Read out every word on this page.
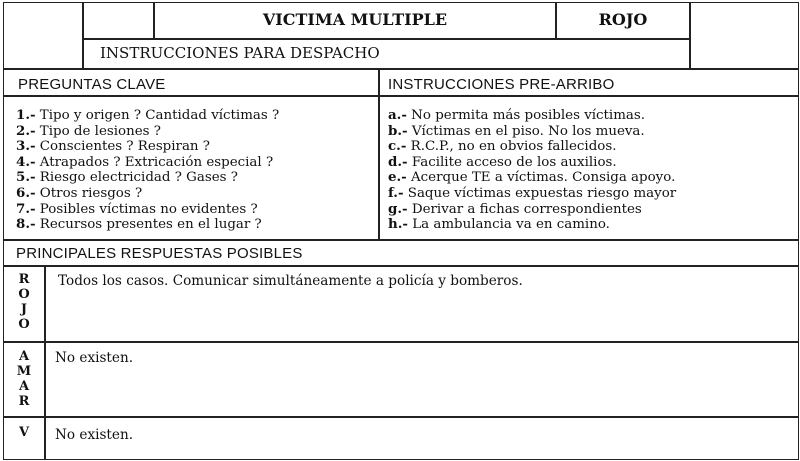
VICTIMA MULTIPLE	ROJO
INSTRUCCIONES PARA DESPACHO
PREGUNTAS CLAVE	INSTRUCCIONES PRE-ARRIBO
1.- Tipo y origen ? Cantidad víctimas ?
2.- Tipo de lesiones ?
3.- Conscientes ? Respiran ?
4.- Atrapados ? Extricación especial ?
5.- Riesgo electricidad ? Gases ?
6.- Otros riesgos ?
7.- Posibles víctimas no evidentes ?
8.- Recursos presentes en el lugar ?
a.- No permita más posibles víctimas.
b.- Víctimas en el piso. No los mueva.
c.- R.C.P., no en obvios fallecidos.
d.- Facilite acceso de los auxilios.
e.- Acerque TE a víctimas. Consiga apoyo.
f.- Saque víctimas expuestas riesgo mayor
g.- Derivar a fichas correspondientes
h.- La ambulancia va en camino.
PRINCIPALES RESPUESTAS POSIBLES
R
O
J
O
A
M
A
R
V
Todos los casos. Comunicar simultáneamente a policía y bomberos.
No existen.
No existen.
